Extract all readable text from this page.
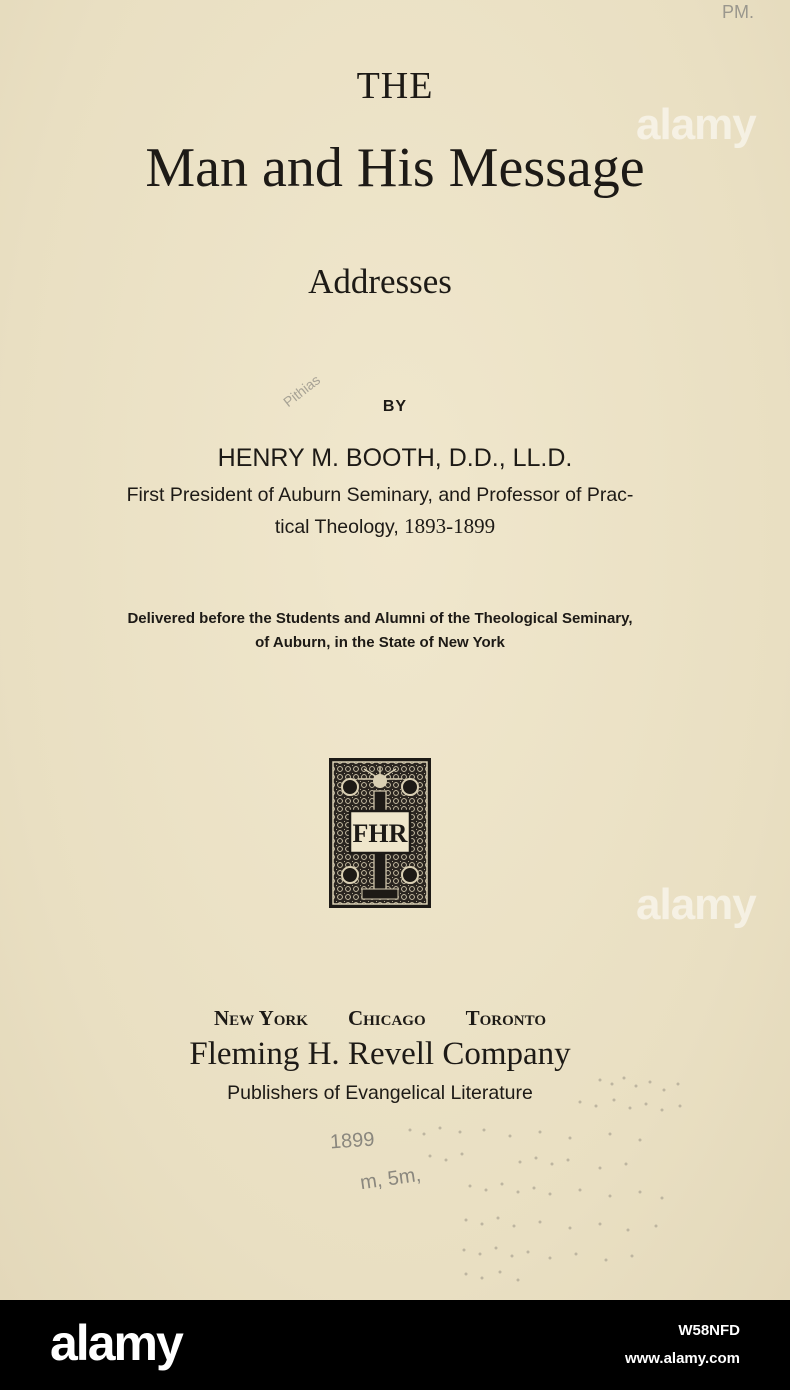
THE
Man and His Message
Addresses
BY
HENRY M. BOOTH, D.D., LL.D.
First President of Auburn Seminary, and Professor of Prac-
tical Theology, 1893-1899
Delivered before the Students and Alumni of the Theological Seminary,
of Auburn, in the State of New York
FHR
New York Chicago Toronto
Fleming H. Revell Company
Publishers of Evangelical Literature
PM.
Pithias
1899
m, 5m,
alamy
alamy
alamy	W58NFD
www.alamy.com
